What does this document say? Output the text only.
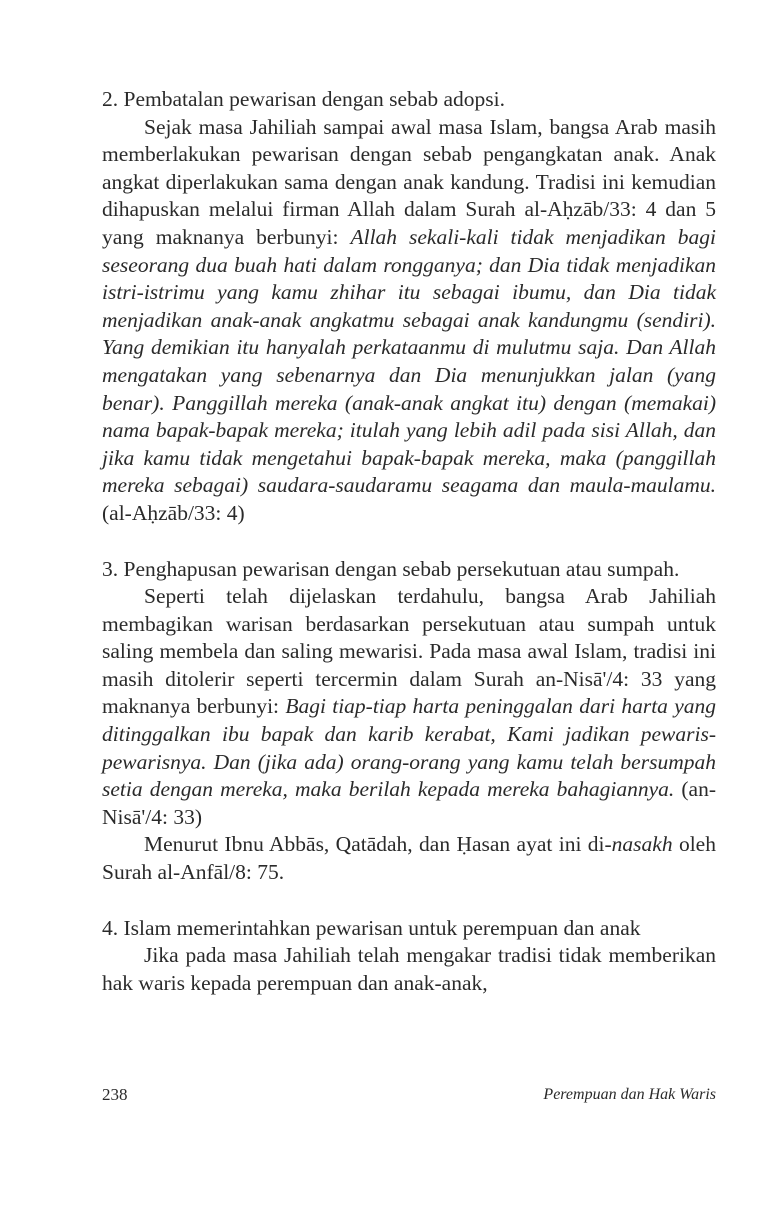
2. Pembatalan pewarisan dengan sebab adopsi.

Sejak masa Jahiliah sampai awal masa Islam, bangsa Arab masih memberlakukan pewarisan dengan sebab pengangkatan anak. Anak angkat diperlakukan sama dengan anak kandung. Tradisi ini kemudian dihapuskan melalui firman Allah dalam Surah al-Aḥzāb/33: 4 dan 5 yang maknanya berbunyi: Allah sekali-kali tidak menjadikan bagi seseorang dua buah hati dalam rongganya; dan Dia tidak menjadikan istri-istrimu yang kamu zhihar itu sebagai ibumu, dan Dia tidak menjadikan anak-anak angkatmu sebagai anak kandungmu (sendiri). Yang demikian itu hanyalah perkataanmu di mulutmu saja. Dan Allah mengatakan yang sebenarnya dan Dia menunjukkan jalan (yang benar). Panggillah mereka (anak-anak angkat itu) dengan (memakai) nama bapak-bapak mereka; itulah yang lebih adil pada sisi Allah, dan jika kamu tidak mengetahui bapak-bapak mereka, maka (panggillah mereka sebagai) saudara-saudaramu seagama dan maula-maulamu. (al-Aḥzāb/33: 4)

3. Penghapusan pewarisan dengan sebab persekutuan atau sumpah.

Seperti telah dijelaskan terdahulu, bangsa Arab Jahiliah membagikan warisan berdasarkan persekutuan atau sumpah untuk saling membela dan saling mewarisi. Pada masa awal Islam, tradisi ini masih ditolerir seperti tercermin dalam Surah an-Nisā'/4: 33 yang maknanya berbunyi: Bagi tiap-tiap harta peninggalan dari harta yang ditinggalkan ibu bapak dan karib kerabat, Kami jadikan pewaris-pewarisnya. Dan (jika ada) orang-orang yang kamu telah bersumpah setia dengan mereka, maka berilah kepada mereka bahagiannya. (an-Nisā'/4: 33)

Menurut Ibnu Abbās, Qatādah, dan Ḥasan ayat ini di-nasakh oleh Surah al-Anfāl/8: 75.

4. Islam memerintahkan pewarisan untuk perempuan dan anak

Jika pada masa Jahiliah telah mengakar tradisi tidak memberikan hak waris kepada perempuan dan anak-anak,

238	Perempuan dan Hak Waris
